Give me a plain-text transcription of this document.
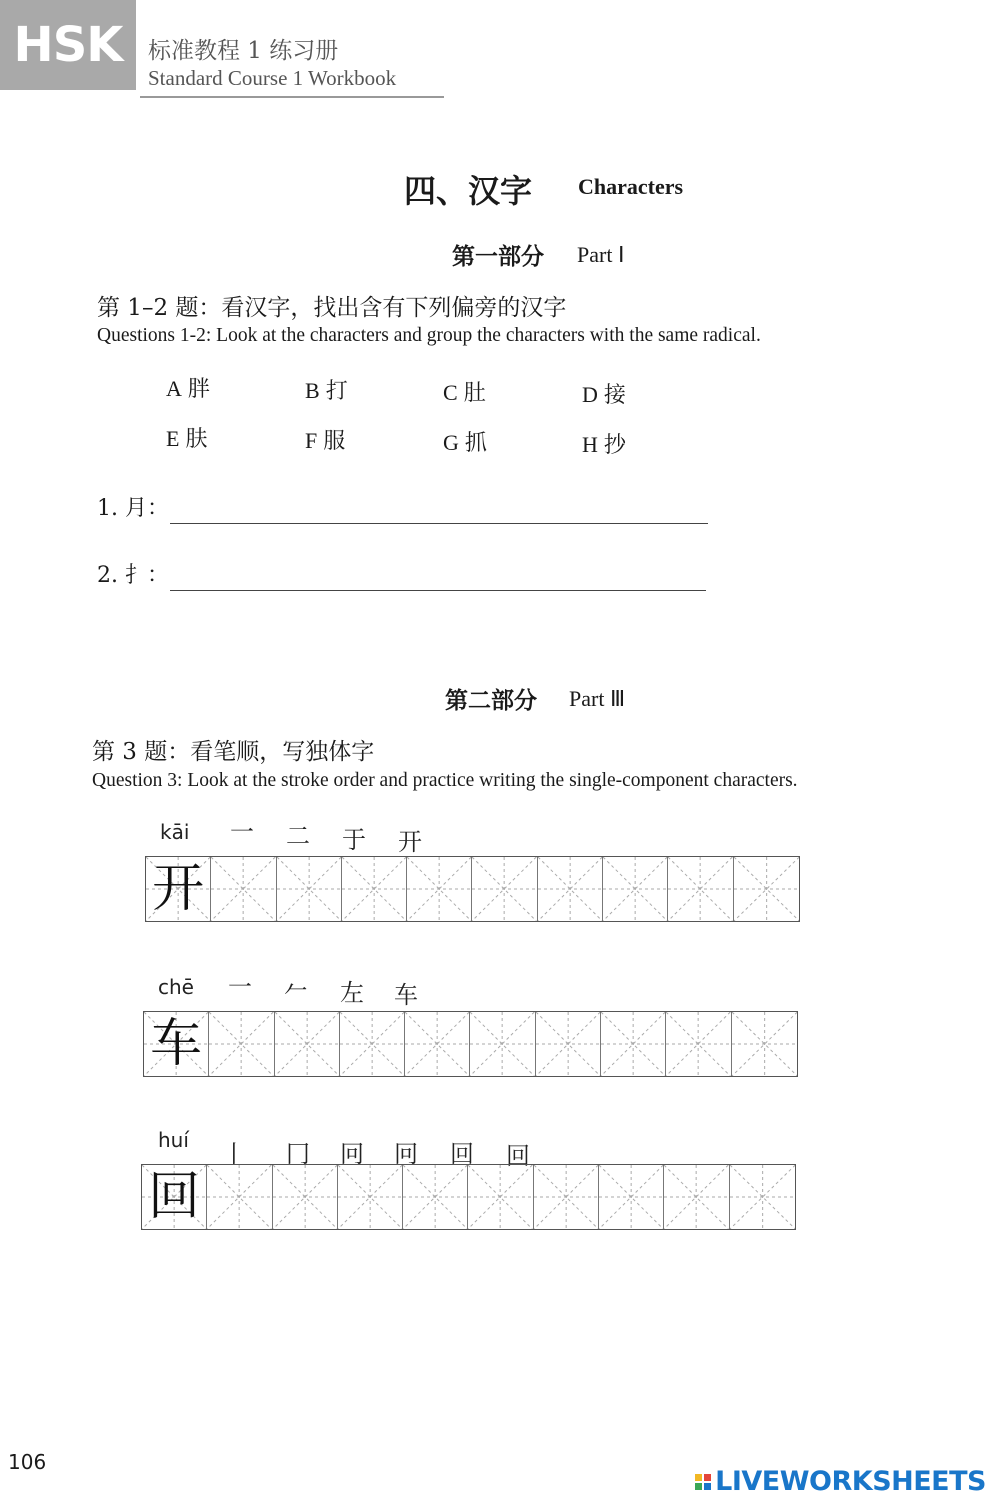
HSK	标准教程 1 练习册
Standard Course 1 Workbook
四、汉字 Characters
第一部分 Part Ⅰ
第 1–2 题：看汉字，找出含有下列偏旁的汉字
Questions 1-2: Look at the characters and group the characters with the same radical.
A 胖	B 打	C 肚	D 接
E 肤	F 服	G 抓	H 抄
1. 月：
2. 扌：
第二部分 Part Ⅲ
第 3 题：看笔顺，写独体字
Question 3: Look at the stroke order and practice writing the single-component characters.
kāi	一	二	于	开
开
chē	一	𠂉	左	车
车
huí	丨	冂	冋	冋	回	回
回
106
LIVEWORKSHEETS
